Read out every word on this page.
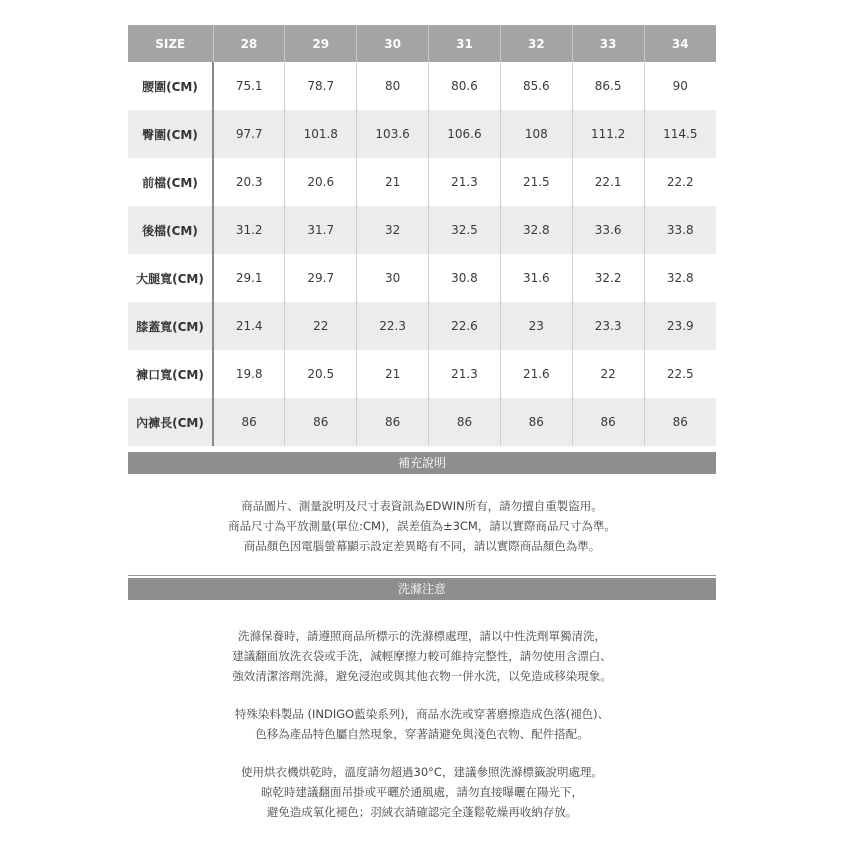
SIZE	28	29	30	31	32	33	34
腰圍(CM)	75.1	78.7	80	80.6	85.6	86.5	90
臀圍(CM)	97.7	101.8	103.6	106.6	108	111.2	114.5
前檔(CM)	20.3	20.6	21	21.3	21.5	22.1	22.2
後檔(CM)	31.2	31.7	32	32.5	32.8	33.6	33.8
大腿寬(CM)	29.1	29.7	30	30.8	31.6	32.2	32.8
膝蓋寬(CM)	21.4	22	22.3	22.6	23	23.3	23.9
褲口寬(CM)	19.8	20.5	21	21.3	21.6	22	22.5
內褲長(CM)	86	86	86	86	86	86	86
補充說明
商品圖片、測量說明及尺寸表資訊為EDWIN所有，請勿擅自重製盜用。
商品尺寸為平放測量(單位:CM)，誤差值為±3CM，請以實際商品尺寸為準。
商品顏色因電腦螢幕顯示設定差異略有不同，請以實際商品顏色為準。
洗滌注意
洗滌保養時，請遵照商品所標示的洗滌標處理，請以中性洗劑單獨清洗，
建議翻面放洗衣袋或手洗，減輕摩擦力較可維持完整性，請勿使用含漂白、
強效清潔溶劑洗滌，避免浸泡或與其他衣物一併水洗，以免造成移染現象。
特殊染料製品 (INDIGO藍染系列)，商品水洗或穿著磨擦造成色落(褪色)、
色移為產品特色屬自然現象，穿著請避免與淺色衣物、配件搭配。
使用烘衣機烘乾時，溫度請勿超過30°C，建議參照洗滌標籤說明處理。
晾乾時建議翻面吊掛或平曬於通風處，請勿直接曝曬在陽光下，
避免造成氧化褪色；羽絨衣請確認完全蓬鬆乾燥再收納存放。
